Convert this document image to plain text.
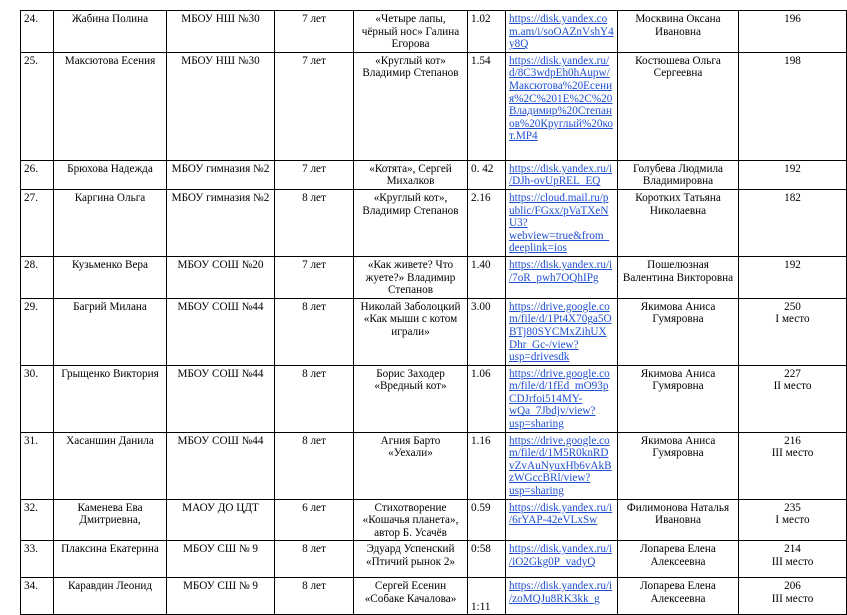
24.	Жабина Полина	МБОУ НШ №30	7 лет	«Четыре лапы, чёрный нос» Галина Егорова	1.02	https://disk.yandex.com.am/i/soOAZnVshY4y8Q	Москвина Оксана Ивановна	196

25.	Максютова Есения	МБОУ НШ №30	7 лет	«Круглый кот» Владимир Степанов	1.54	https://disk.yandex.ru/d/8C3wdpEh0hAupw/Максютова%20Есения%2C%201Е%2С%20Владимир%20Степанов%20Круглый%20кот.MP4	Костюшева Ольга Сергеевна	198

26.	Брюхова Надежда	МБОУ гимназия №2	7 лет	«Котята», Сергей Михалков	0. 42	https://disk.yandex.ru/i/DJh-ovUpREL_EQ	Голубева Людмила Владимировна	192

27.	Каргина Ольга	МБОУ гимназия №2	8 лет	«Круглый кот», Владимир Степанов	2.16	https://cloud.mail.ru/public/FGxx/pVaTXeNU3?webview=true&from_deeplink=ios	Коротких Татьяна Николаевна	182

28.	Кузьменко Вера	МБОУ СОШ №20	7 лет	«Как живете? Что жуете?» Владимир Степанов	1.40	https://disk.yandex.ru/i/7oR_pwh7OQhIPg	Пошелюзная Валентина Викторовна	192

29.	Багрий Милана	МБОУ СОШ №44	8 лет	Николай Заболоцкий «Как мыши с котом играли»	3.00	https://drive.google.com/file/d/1Pt4X70ga5OBTj80SYCMxZihUXDhr_Gc-/view?usp=drivesdk	Якимова Аниса Гумяровна	250
I место

30.	Грыщенко Виктория	МБОУ СОШ №44	8 лет	Борис Заходер «Вредный кот»	1.06	https://drive.google.com/file/d/1fEd_mO93pCDJrfoi514MY-wQa_7Jbdjv/view?usp=sharing	Якимова Аниса Гумяровна	227
II место

31.	Хасаншин Данила	МБОУ СОШ №44	8 лет	Агния Барто «Уехали»	1.16	https://drive.google.com/file/d/1M5R0knRDvZvAuNyuxHb6vAkBzWGccBRl/view?usp=sharing	Якимова Аниса Гумяровна	216
III место

32.	Каменева Ева Дмитриевна,	МАОУ ДО ЦДТ	6 лет	Стихотворение «Кошачья планета», автор Б. Усачёв	0.59	https://disk.yandex.ru/i/6rYAP-42eVLxSw	Филимонова Наталья Ивановна	235
I место

33.	Плаксина Екатерина	МБОУ СШ № 9	8 лет	Эдуард Успенский «Птичий рынок 2»	0:58	https://disk.yandex.ru/i/iO2Gkg0P_vadyQ	Лопарева Елена Алексеевна	214
III место

34.	Каравдин Леонид	МБОУ СШ № 9	8 лет	Сергей Есенин «Собаке Качалова»	1:11	https://disk.yandex.ru/i/zoMQJu8RK3kk_g	Лопарева Елена Алексеевна	206
III место
